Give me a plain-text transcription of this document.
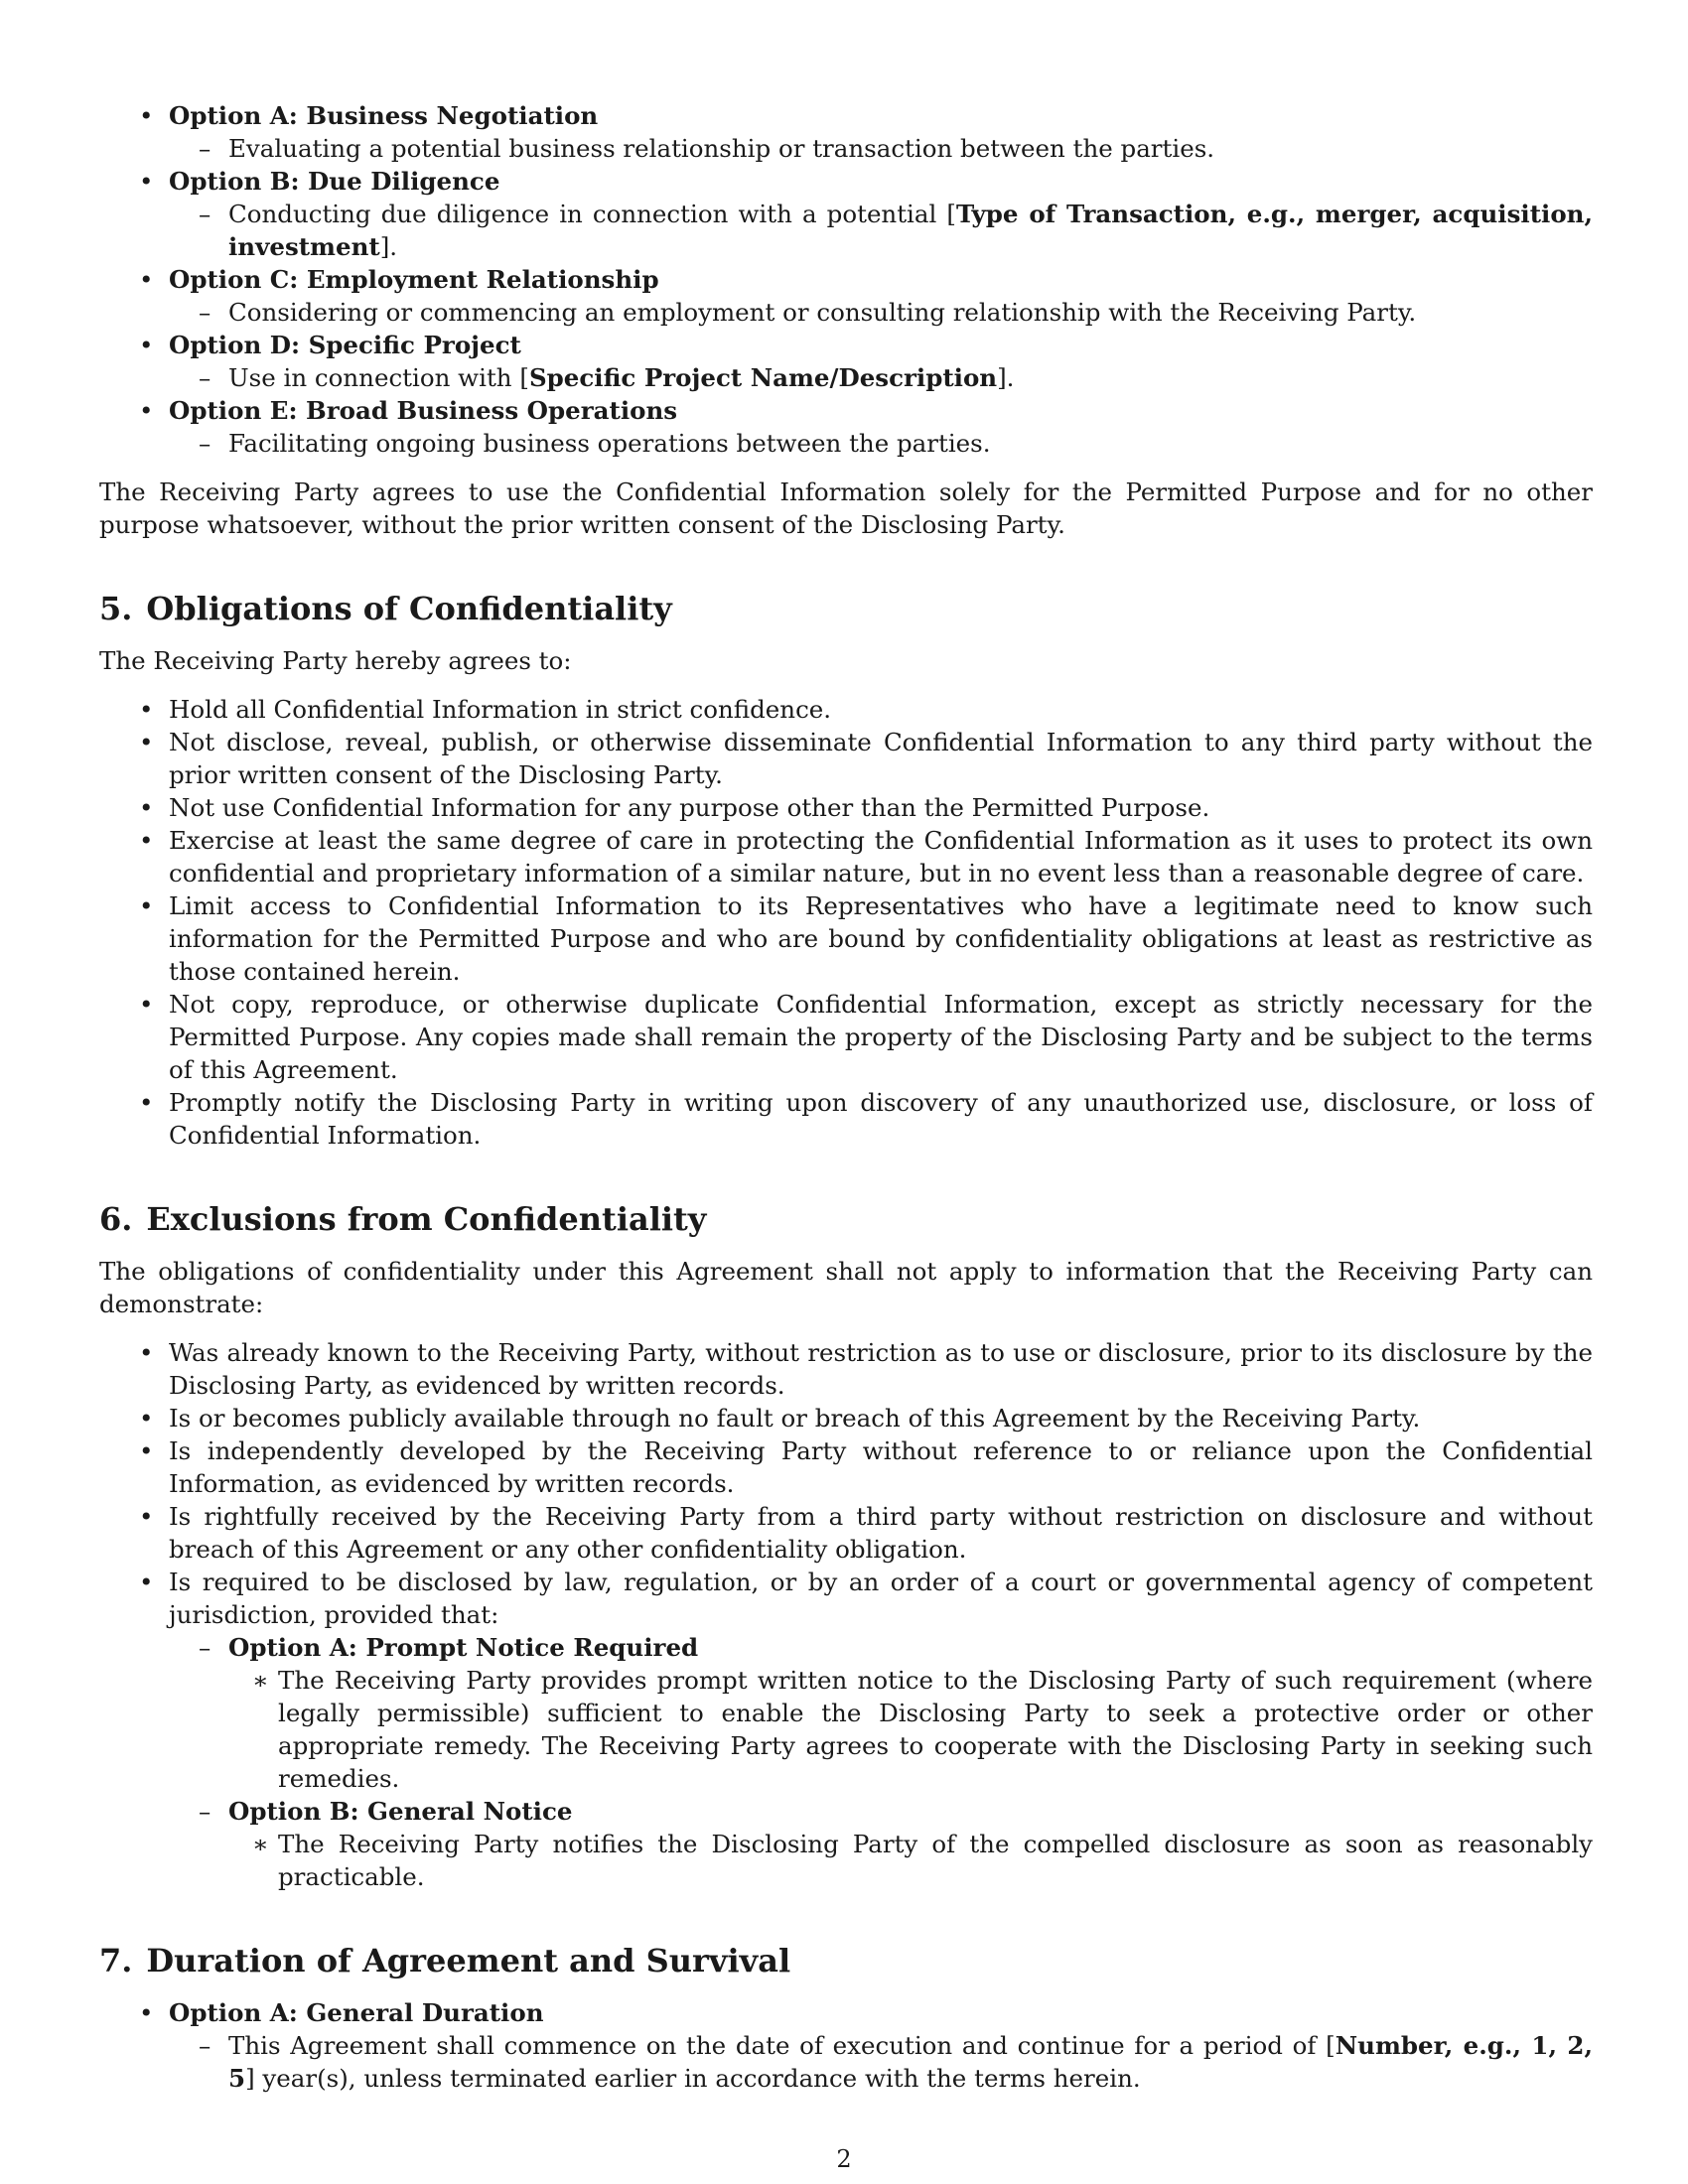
• Option A: Business Negotiation
– Evaluating a potential business relationship or transaction between the parties.
• Option B: Due Diligence
– Conducting due diligence in connection with a potential [Type of Transaction, e.g., merger, acquisition, investment].
• Option C: Employment Relationship
– Considering or commencing an employment or consulting relationship with the Receiving Party.
• Option D: Specific Project
– Use in connection with [Specific Project Name/Description].
• Option E: Broad Business Operations
– Facilitating ongoing business operations between the parties.

The Receiving Party agrees to use the Confidential Information solely for the Permitted Purpose and for no other purpose whatsoever, without the prior written consent of the Disclosing Party.

5. Obligations of Confidentiality

The Receiving Party hereby agrees to:

• Hold all Confidential Information in strict confidence.
• Not disclose, reveal, publish, or otherwise disseminate Confidential Information to any third party without the prior written consent of the Disclosing Party.
• Not use Confidential Information for any purpose other than the Permitted Purpose.
• Exercise at least the same degree of care in protecting the Confidential Information as it uses to protect its own confidential and proprietary information of a similar nature, but in no event less than a reasonable degree of care.
• Limit access to Confidential Information to its Representatives who have a legitimate need to know such information for the Permitted Purpose and who are bound by confidentiality obligations at least as restrictive as those contained herein.
• Not copy, reproduce, or otherwise duplicate Confidential Information, except as strictly necessary for the Permitted Purpose. Any copies made shall remain the property of the Disclosing Party and be subject to the terms of this Agreement.
• Promptly notify the Disclosing Party in writing upon discovery of any unauthorized use, disclosure, or loss of Confidential Information.
6. Exclusions from Confidentiality

The obligations of confidentiality under this Agreement shall not apply to information that the Receiving Party can demonstrate:

• Was already known to the Receiving Party, without restriction as to use or disclosure, prior to its disclosure by the Disclosing Party, as evidenced by written records.
• Is or becomes publicly available through no fault or breach of this Agreement by the Receiving Party.
• Is independently developed by the Receiving Party without reference to or reliance upon the Confidential Information, as evidenced by written records.
• Is rightfully received by the Receiving Party from a third party without restriction on disclosure and without breach of this Agreement or any other confidentiality obligation.
• Is required to be disclosed by law, regulation, or by an order of a court or governmental agency of competent jurisdiction, provided that:
– Option A: Prompt Notice Required
∗ The Receiving Party provides prompt written notice to the Disclosing Party of such requirement (where legally permissible) sufficient to enable the Disclosing Party to seek a protective order or other appropriate remedy. The Receiving Party agrees to cooperate with the Disclosing Party in seeking such remedies.
– Option B: General Notice
∗ The Receiving Party notifies the Disclosing Party of the compelled disclosure as soon as reasonably practicable.
7. Duration of Agreement and Survival
• Option A: General Duration
– This Agreement shall commence on the date of execution and continue for a period of [Number, e.g., 1, 2, 5] year(s), unless terminated earlier in accordance with the terms herein.
2
